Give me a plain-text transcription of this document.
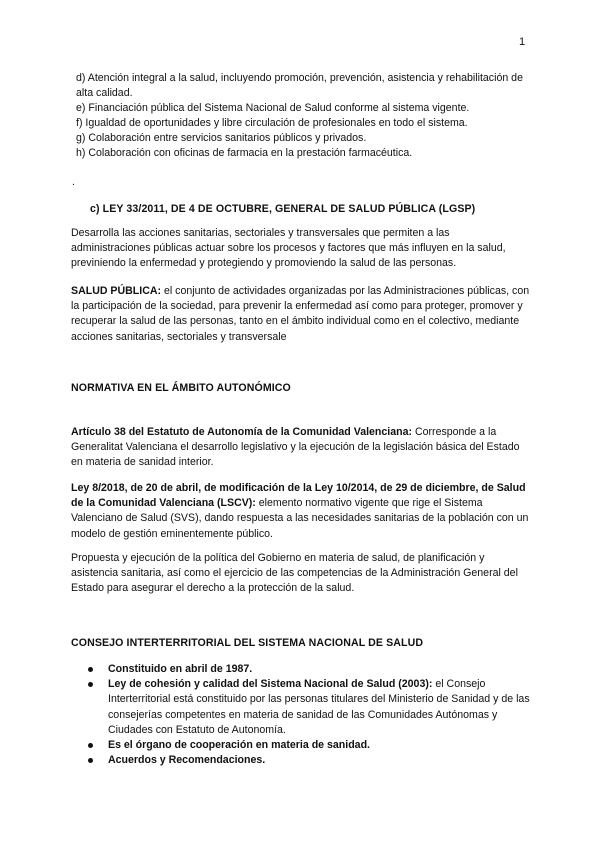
1
d) Atención integral a la salud, incluyendo promoción, prevención, asistencia y rehabilitación de alta calidad.
e) Financiación pública del Sistema Nacional de Salud conforme al sistema vigente.
f) Igualdad de oportunidades y libre circulación de profesionales en todo el sistema.
g) Colaboración entre servicios sanitarios públicos y privados.
h) Colaboración con oficinas de farmacia en la prestación farmacéutica.
.
c) LEY 33/2011, DE 4 DE OCTUBRE, GENERAL DE SALUD PÚBLICA (LGSP)
Desarrolla las acciones sanitarias, sectoriales y transversales que permiten a las administraciones públicas actuar sobre los procesos y factores que más influyen en la salud, previniendo la enfermedad y protegiendo y promoviendo la salud de las personas.
SALUD PÚBLICA: el conjunto de actividades organizadas por las Administraciones públicas, con la participación de la sociedad, para prevenir la enfermedad así como para proteger, promover y recuperar la salud de las personas, tanto en el ámbito individual como en el colectivo, mediante acciones sanitarias, sectoriales y transversale
NORMATIVA EN EL ÁMBITO AUTONÓMICO
Artículo 38 del Estatuto de Autonomía de la Comunidad Valenciana: Corresponde a la Generalitat Valenciana el desarrollo legislativo y la ejecución de la legislación básica del Estado en materia de sanidad interior.
Ley 8/2018, de 20 de abril, de modificación de la Ley 10/2014, de 29 de diciembre, de Salud de la Comunidad Valenciana (LSCV): elemento normativo vigente que rige el Sistema Valenciano de Salud (SVS), dando respuesta a las necesidades sanitarias de la población con un modelo de gestión eminentemente público.
Propuesta y ejecución de la política del Gobierno en materia de salud, de planificación y asistencia sanitaria, así como el ejercicio de las competencias de la Administración General del Estado para asegurar el derecho a la protección de la salud.
CONSEJO INTERTERRITORIAL DEL SISTEMA NACIONAL DE SALUD
Constituido en abril de 1987.
Ley de cohesión y calidad del Sistema Nacional de Salud (2003): el Consejo Interterritorial está constituido por las personas titulares del Ministerio de Sanidad y de las consejerías competentes en materia de sanidad de las Comunidades Autónomas y Ciudades con Estatuto de Autonomía.
Es el órgano de cooperación en materia de sanidad.
Acuerdos y Recomendaciones.
